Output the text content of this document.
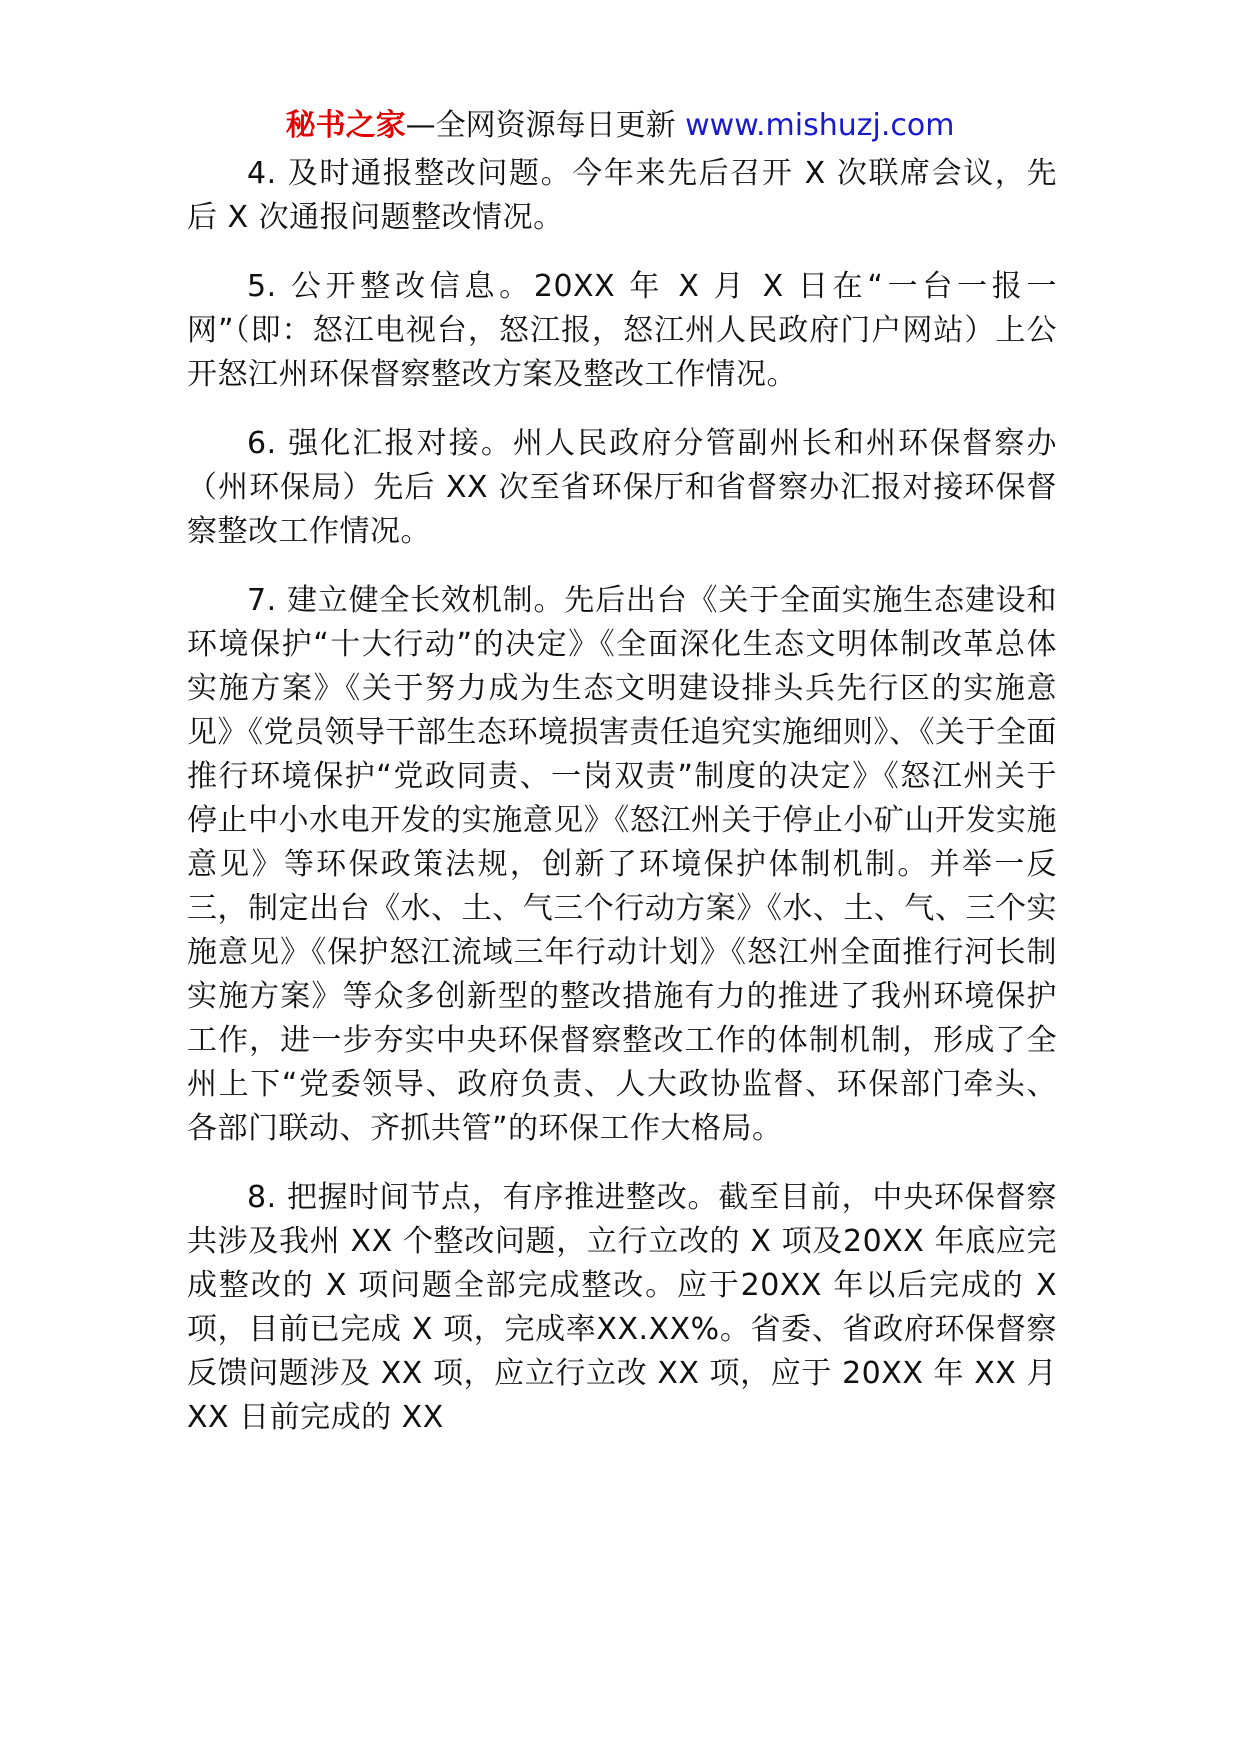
秘书之家—全网资源每日更新 www.mishuzj.com

4. 及时通报整改问题。今年来先后召开 X 次联席会议，先后 X 次通报问题整改情况。

5. 公开整改信息。20XX 年 X 月 X 日在“一台一报一网”（即：怒江电视台，怒江报，怒江州人民政府门户网站）上公开怒江州环保督察整改方案及整改工作情况。

6. 强化汇报对接。州人民政府分管副州长和州环保督察办（州环保局）先后 XX 次至省环保厅和省督察办汇报对接环保督察整改工作情况。

7. 建立健全长效机制。先后出台《关于全面实施生态建设和环境保护“十大行动”的决定》《全面深化生态文明体制改革总体实施方案》《关于努力成为生态文明建设排头兵先行区的实施意见》《党员领导干部生态环境损害责任追究实施细则》、《关于全面推行环境保护“党政同责、一岗双责”制度的决定》《怒江州关于停止中小水电开发的实施意见》《怒江州关于停止小矿山开发实施意见》等环保政策法规，创新了环境保护体制机制。并举一反三，制定出台《水、土、气三个行动方案》《水、土、气、三个实施意见》《保护怒江流域三年行动计划》《怒江州全面推行河长制实施方案》等众多创新型的整改措施有力的推进了我州环境保护工作，进一步夯实中央环保督察整改工作的体制机制，形成了全州上下“党委领导、政府负责、人大政协监督、环保部门牵头、各部门联动、齐抓共管”的环保工作大格局。

8. 把握时间节点，有序推进整改。截至目前，中央环保督察共涉及我州 XX 个整改问题，立行立改的 X 项及20XX 年底应完成整改的 X 项问题全部完成整改。应于20XX 年以后完成的 X 项，目前已完成 X 项，完成率XX.XX%。省委、省政府环保督察反馈问题涉及 XX 项，应立行立改 XX 项，应于 20XX 年 XX 月 XX 日前完成的 XX
